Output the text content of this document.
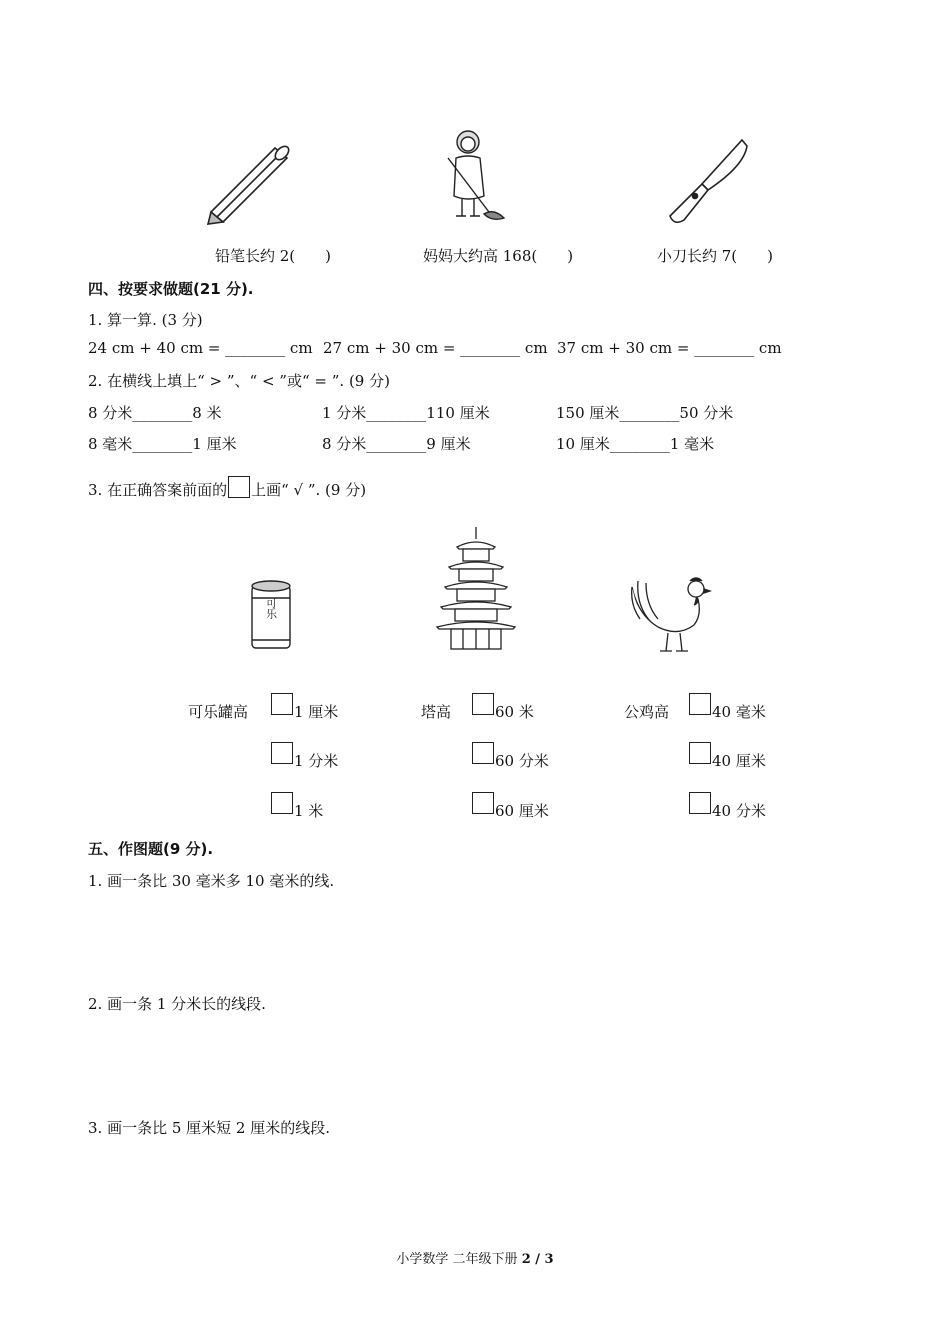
铅笔长约 2(　　)	妈妈大约高 168(　　)	小刀长约 7(　　)
四、按要求做题(21 分).
1. 算一算. (3 分)
24 cm + 40 cm = ________ cm 27 cm + 30 cm = ________ cm 37 cm + 30 cm = ________ cm
2. 在横线上填上“ > ”、“ < ”或“ = ”. (9 分)
8 分米________8 米	1 分米________110 厘米	150 厘米________50 分米
8 毫米________1 厘米	8 分米________9 厘米	10 厘米________1 毫米
3. 在正确答案前面的 上画“ √ ”. (9 分)
可乐
可乐罐高	1 厘米
1 分米
1 米
塔高	60 米
60 分米
60 厘米
公鸡高	40 毫米
40 厘米
40 分米
五、作图题(9 分).
1. 画一条比 30 毫米多 10 毫米的线.
2. 画一条 1 分米长的线段.
3. 画一条比 5 厘米短 2 厘米的线段.
小学数学 二年级下册 2 / 3
